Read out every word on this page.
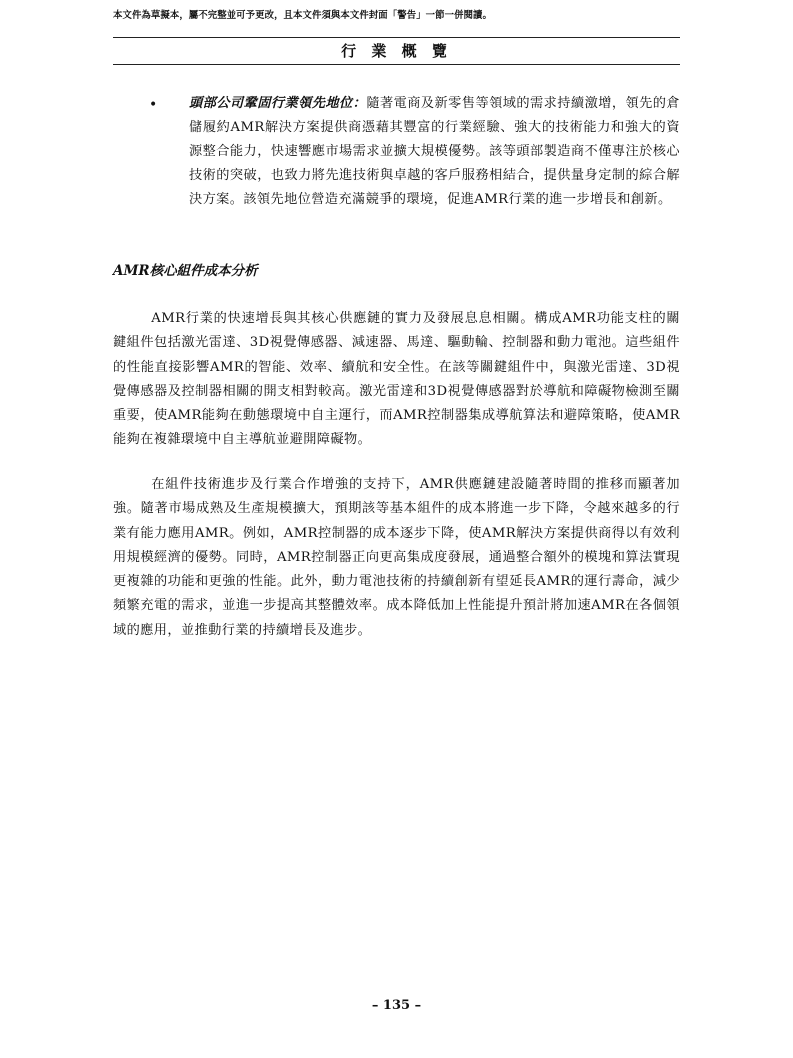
本文件為草擬本，屬不完整並可予更改，且本文件須與本文件封面「警告」一節一併閱讀。
行 業 概 覽
• 頭部公司鞏固行業領先地位：隨著電商及新零售等領域的需求持續激增，領先的倉儲履約AMR解決方案提供商憑藉其豐富的行業經驗、強大的技術能力和強大的資源整合能力，快速響應市場需求並擴大規模優勢。該等頭部製造商不僅專注於核心技術的突破，也致力將先進技術與卓越的客戶服務相結合，提供量身定制的綜合解決方案。該領先地位營造充滿競爭的環境，促進AMR行業的進一步增長和創新。
AMR核心組件成本分析

AMR行業的快速增長與其核心供應鏈的實力及發展息息相關。構成AMR功能支柱的關鍵組件包括激光雷達、3D視覺傳感器、減速器、馬達、驅動輪、控制器和動力電池。這些組件的性能直接影響AMR的智能、效率、續航和安全性。在該等關鍵組件中，與激光雷達、3D視覺傳感器及控制器相關的開支相對較高。激光雷達和3D視覺傳感器對於導航和障礙物檢測至關重要，使AMR能夠在動態環境中自主運行，而AMR控制器集成導航算法和避障策略，使AMR能夠在複雜環境中自主導航並避開障礙物。

在組件技術進步及行業合作增強的支持下，AMR供應鏈建設隨著時間的推移而顯著加強。隨著市場成熟及生產規模擴大，預期該等基本組件的成本將進一步下降，令越來越多的行業有能力應用AMR。例如，AMR控制器的成本逐步下降，使AMR解決方案提供商得以有效利用規模經濟的優勢。同時，AMR控制器正向更高集成度發展，通過整合額外的模塊和算法實現更複雜的功能和更強的性能。此外，動力電池技術的持續創新有望延長AMR的運行壽命，減少頻繁充電的需求，並進一步提高其整體效率。成本降低加上性能提升預計將加速AMR在各個領域的應用，並推動行業的持續增長及進步。

– 135 –
